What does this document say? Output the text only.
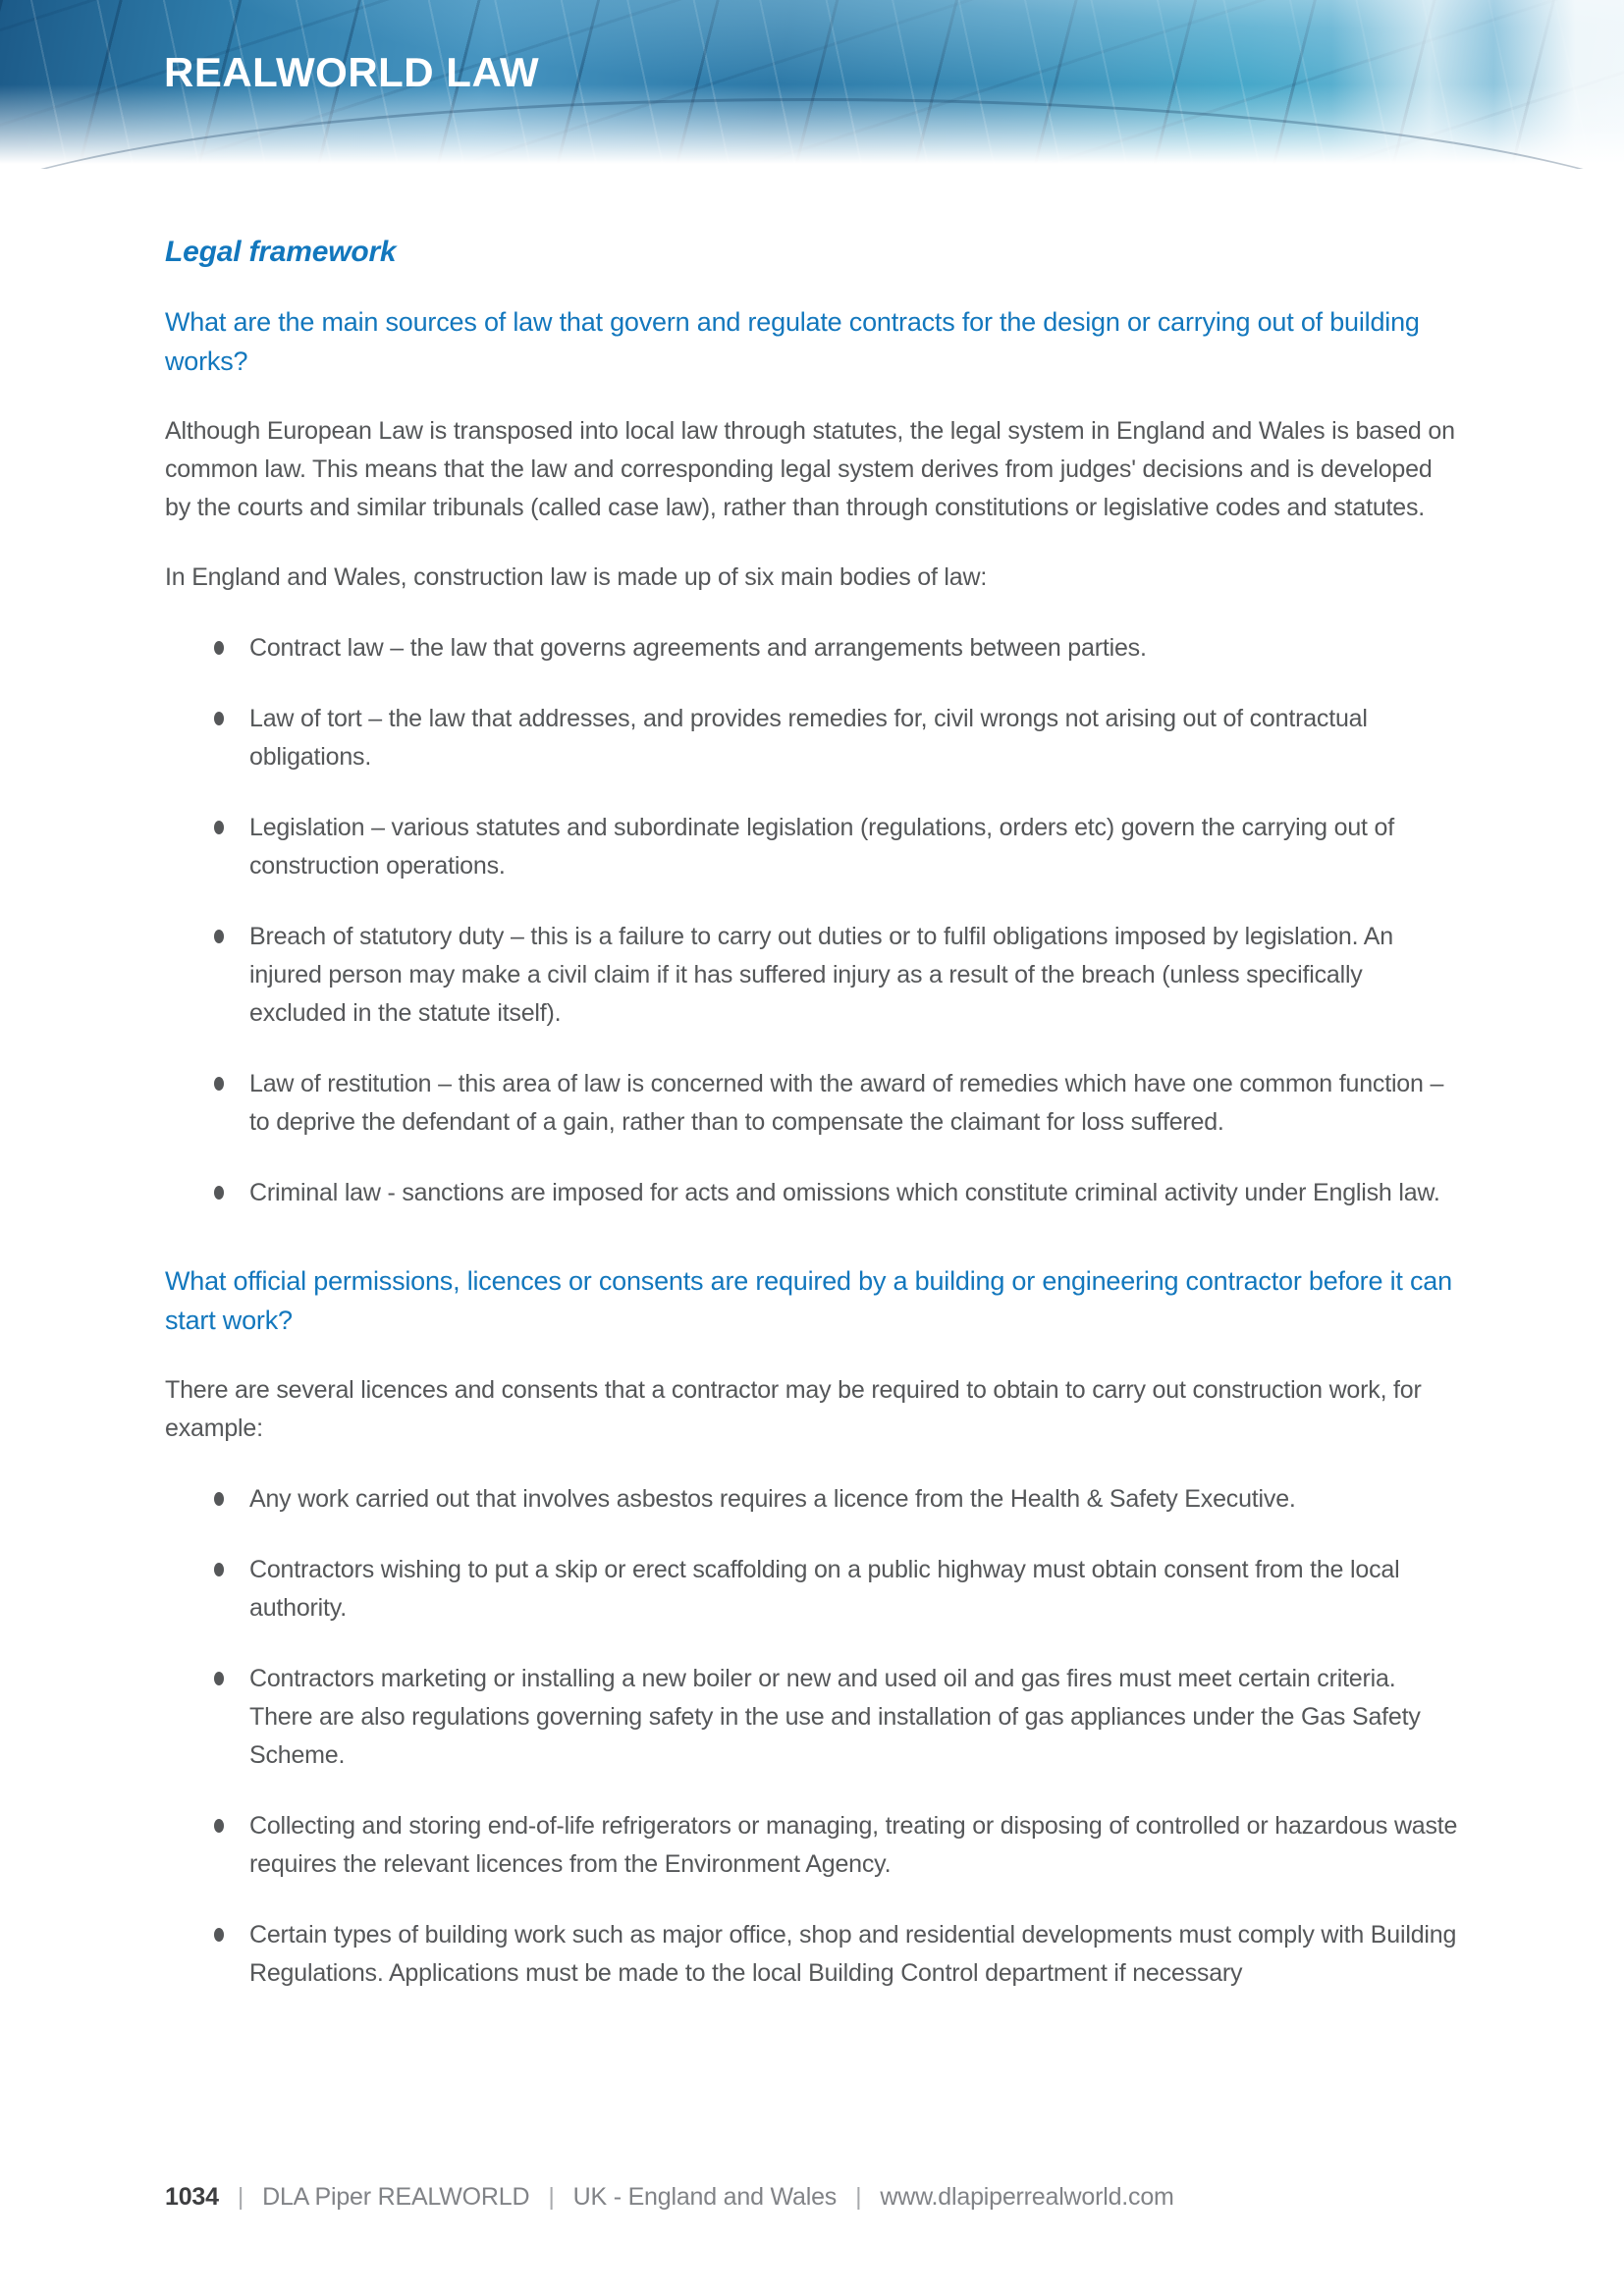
REALWORLD LAW
Legal framework
What are the main sources of law that govern and regulate contracts for the design or carrying out of building works?

Although European Law is transposed into local law through statutes, the legal system in England and Wales is based on common law. This means that the law and corresponding legal system derives from judges' decisions and is developed by the courts and similar tribunals (called case law), rather than through constitutions or legislative codes and statutes.

In England and Wales, construction law is made up of six main bodies of law:

Contract law – the law that governs agreements and arrangements between parties.
Law of tort – the law that addresses, and provides remedies for, civil wrongs not arising out of contractual obligations.
Legislation – various statutes and subordinate legislation (regulations, orders etc) govern the carrying out of construction operations.
Breach of statutory duty – this is a failure to carry out duties or to fulfil obligations imposed by legislation. An injured person may make a civil claim if it has suffered injury as a result of the breach (unless specifically excluded in the statute itself).
Law of restitution – this area of law is concerned with the award of remedies which have one common function – to deprive the defendant of a gain, rather than to compensate the claimant for loss suffered.
Criminal law - sanctions are imposed for acts and omissions which constitute criminal activity under English law.
What official permissions, licences or consents are required by a building or engineering contractor before it can start work?

There are several licences and consents that a contractor may be required to obtain to carry out construction work, for example:

Any work carried out that involves asbestos requires a licence from the Health & Safety Executive.
Contractors wishing to put a skip or erect scaffolding on a public highway must obtain consent from the local authority.
Contractors marketing or installing a new boiler or new and used oil and gas fires must meet certain criteria. There are also regulations governing safety in the use and installation of gas appliances under the Gas Safety Scheme.
Collecting and storing end-of-life refrigerators or managing, treating or disposing of controlled or hazardous waste requires the relevant licences from the Environment Agency.
Certain types of building work such as major office, shop and residential developments must comply with Building Regulations. Applications must be made to the local Building Control department if necessary
1034 | DLA Piper REALWORLD | UK - England and Wales | www.dlapiperrealworld.com
